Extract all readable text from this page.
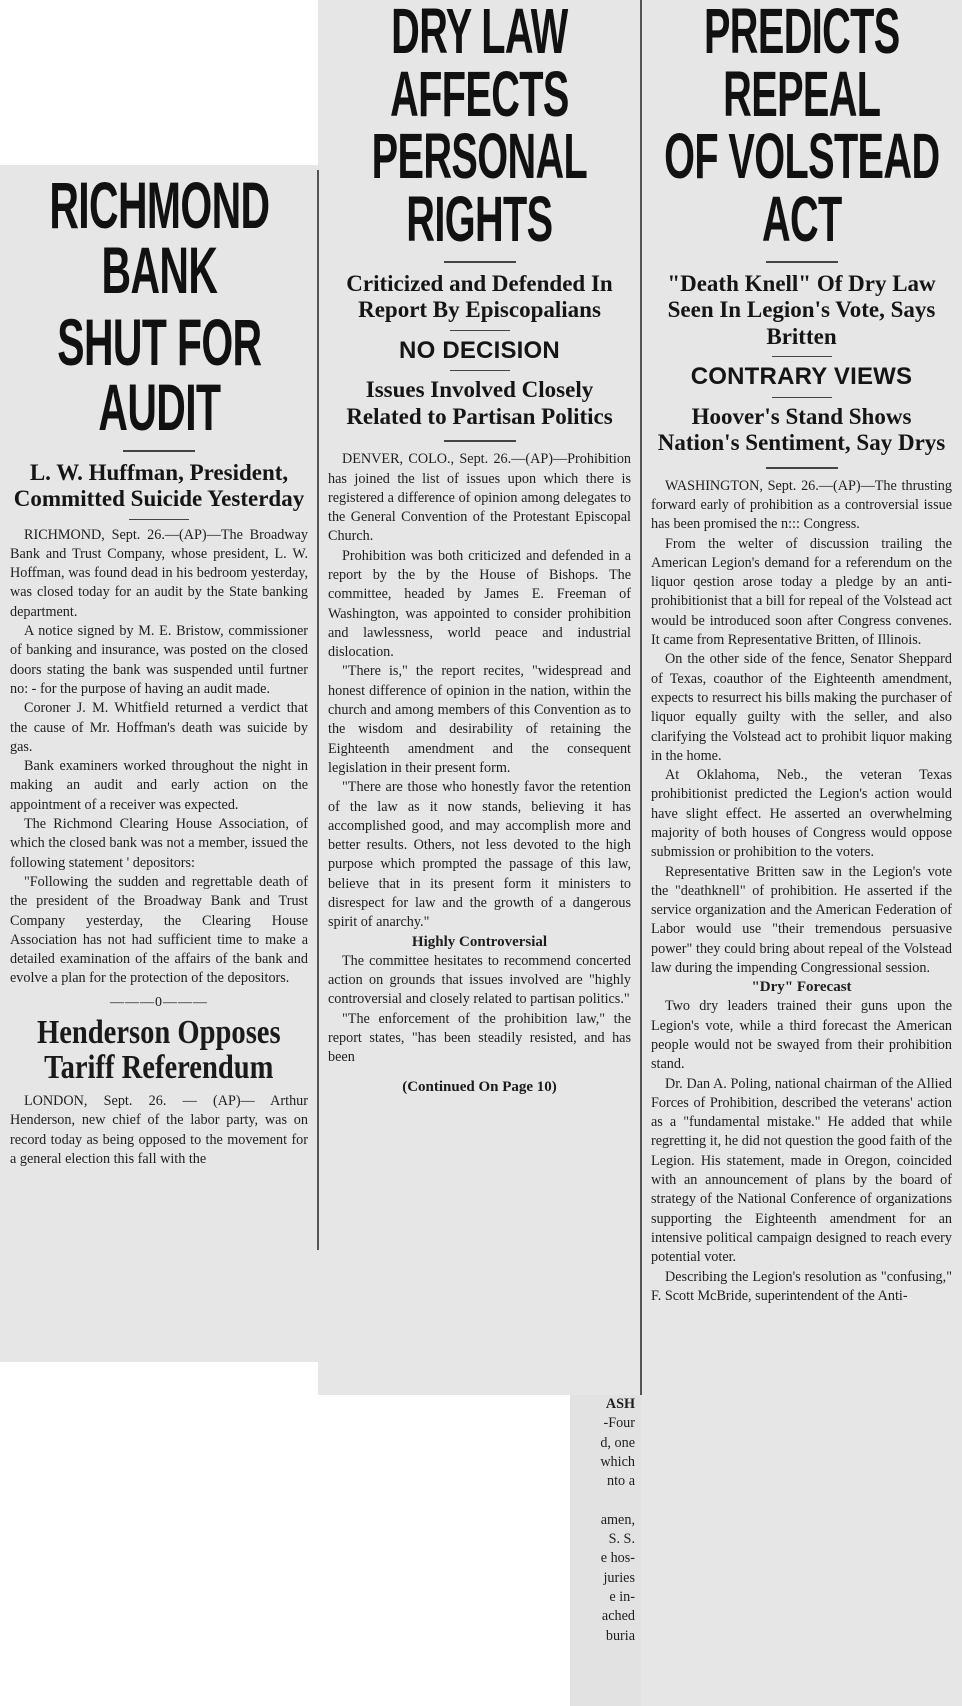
RICHMOND BANK
SHUT FOR AUDIT
L. W. Huffman, President, Committed Suicide Yesterday

RICHMOND, Sept. 26.—(AP)—The Broadway Bank and Trust Company, whose president, L. W. Hoffman, was found dead in his bedroom yesterday, was closed today for an audit by the State banking department.

A notice signed by M. E. Bristow, commissioner of banking and insurance, was posted on the closed doors stating the bank was suspended until furtner no: - for the purpose of having an audit made.

Coroner J. M. Whitfield returned a verdict that the cause of Mr. Hoffman's death was suicide by gas.

Bank examiners worked throughout the night in making an audit and early action on the appointment of a receiver was expected.

The Richmond Clearing House Association, of which the closed bank was not a member, issued the following statement ' depositors:

"Following the sudden and regrettable death of the president of the Broadway Bank and Trust Company yesterday, the Clearing House Association has not had sufficient time to make a detailed examination of the affairs of the bank and evolve a plan for the protection of the depositors.

———0———
Henderson Opposes Tariff Referendum

LONDON, Sept. 26. — (AP)— Arthur Henderson, new chief of the labor party, was on record today as being opposed to the movement for a general election this fall with the

DRY LAW AFFECTS
PERSONAL RIGHTS
Criticized and Defended In Report By Episcopalians
NO DECISION
Issues Involved Closely Related to Partisan Politics

DENVER, COLO., Sept. 26.—(AP)—Prohibition has joined the list of issues upon which there is registered a difference of opinion among delegates to the General Convention of the Protestant Episcopal Church.

Prohibition was both criticized and defended in a report by the by the House of Bishops. The committee, headed by James E. Freeman of Washington, was appointed to consider prohibition and lawlessness, world peace and industrial dislocation.

"There is," the report recites, "widespread and honest difference of opinion in the nation, within the church and among members of this Convention as to the wisdom and desirability of retaining the Eighteenth amendment and the consequent legislation in their present form.

"There are those who honestly favor the retention of the law as it now stands, believing it has accomplished good, and may accomplish more and better results. Others, not less devoted to the high purpose which prompted the passage of this law, believe that in its present form it ministers to disrespect for law and the growth of a dangerous spirit of anarchy."

Highly Controversial

The committee hesitates to recommend concerted action on grounds that issues involved are "highly controversial and closely related to partisan politics."

"The enforcement of the prohibition law," the report states, "has been steadily resisted, and has been

(Continued On Page 10)
PREDICTS REPEAL
OF VOLSTEAD ACT
"Death Knell" Of Dry Law Seen In Legion's Vote, Says Britten
CONTRARY VIEWS
Hoover's Stand Shows Nation's Sentiment, Say Drys

WASHINGTON, Sept. 26.—(AP)—The thrusting forward early of prohibition as a controversial issue has been promised the n::: Congress.

From the welter of discussion trailing the American Legion's demand for a referendum on the liquor qestion arose today a pledge by an anti-prohibitionist that a bill for repeal of the Volstead act would be introduced soon after Congress convenes. It came from Representative Britten, of Illinois.

On the other side of the fence, Senator Sheppard of Texas, coauthor of the Eighteenth amendment, expects to resurrect his bills making the purchaser of liquor equally guilty with the seller, and also clarifying the Volstead act to prohibit liquor making in the home.

At Oklahoma, Neb., the veteran Texas prohibitionist predicted the Legion's action would have slight effect. He asserted an overwhelming majority of both houses of Congress would oppose submission or prohibition to the voters.

Representative Britten saw in the Legion's vote the "deathknell" of prohibition. He asserted if the service organization and the American Federation of Labor would use "their tremendous persuasive power" they could bring about repeal of the Volstead law during the impending Congressional session.

"Dry" Forecast

Two dry leaders trained their guns upon the Legion's vote, while a third forecast the American people would not be swayed from their prohibition stand.

Dr. Dan A. Poling, national chairman of the Allied Forces of Prohibition, described the veterans' action as a "fundamental mistake." He added that while regretting it, he did not question the good faith of the Legion. His statement, made in Oregon, coincided with an announcement of plans by the board of strategy of the National Conference of organizations supporting the Eighteenth amendment for an intensive political campaign designed to reach every potential voter.

Describing the Legion's resolution as "confusing," F. Scott McBride, superintendent of the Anti-

ASH
-Four
d, one
which
nto a

amen,
S. S.
e hos-
juries
e in-
ached
buria
